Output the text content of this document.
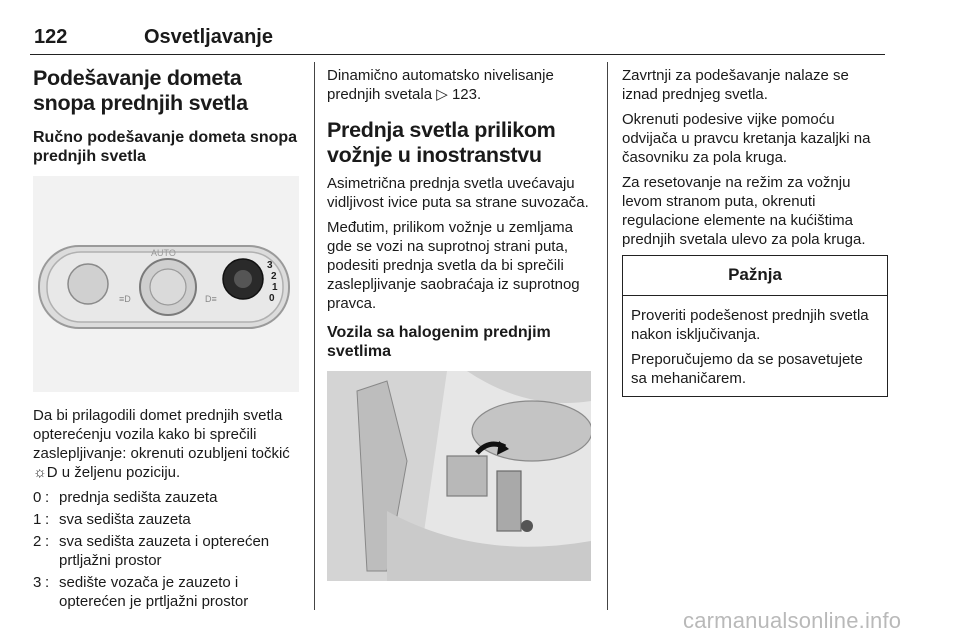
122	Osvetljavanje
Podešavanje dometa snopa prednjih svetla
Ručno podešavanje dometa snopa prednjih svetla
≡D	D≡
AUTO
3
2
1
0

Da bi prilagodili domet prednjih svetla opterećenju vozila kako bi sprečili zaslepljivanje: okrenuti ozubljeni točkić ☼D u željenu poziciju.

0 : prednja sedišta zauzeta
1 : sva sedišta zauzeta
2 : sva sedišta zauzeta i opterećen prtljažni prostor
3 : sedište vozača je zauzeto i opterećen je prtljažni prostor

Dinamično automatsko nivelisanje prednjih svetala ▷ 123.

Prednja svetla prilikom vožnje u inostranstvu

Asimetrična prednja svetla uvećavaju vidljivost ivice puta sa strane suvozača.

Međutim, prilikom vožnje u zemljama gde se vozi na suprotnoj strani puta, podesiti prednja svetla da bi sprečili zaslepljivanje saobraćaja iz suprotnog pravca.

Vozila sa halogenim prednjim svetlima

Zavrtnji za podešavanje nalaze se iznad prednjeg svetla.

Okrenuti podesive vijke pomoću odvijača u pravcu kretanja kazaljki na časovniku za pola kruga.

Za resetovanje na režim za vožnju levom stranom puta, okrenuti regulacione elemente na kućištima prednjih svetala ulevo za pola kruga.

Pažnja

Proveriti podešenost prednjih svetla nakon isključivanja.

Preporučujemo da se posavetujete sa mehaničarem.

carmanualsonline.info
